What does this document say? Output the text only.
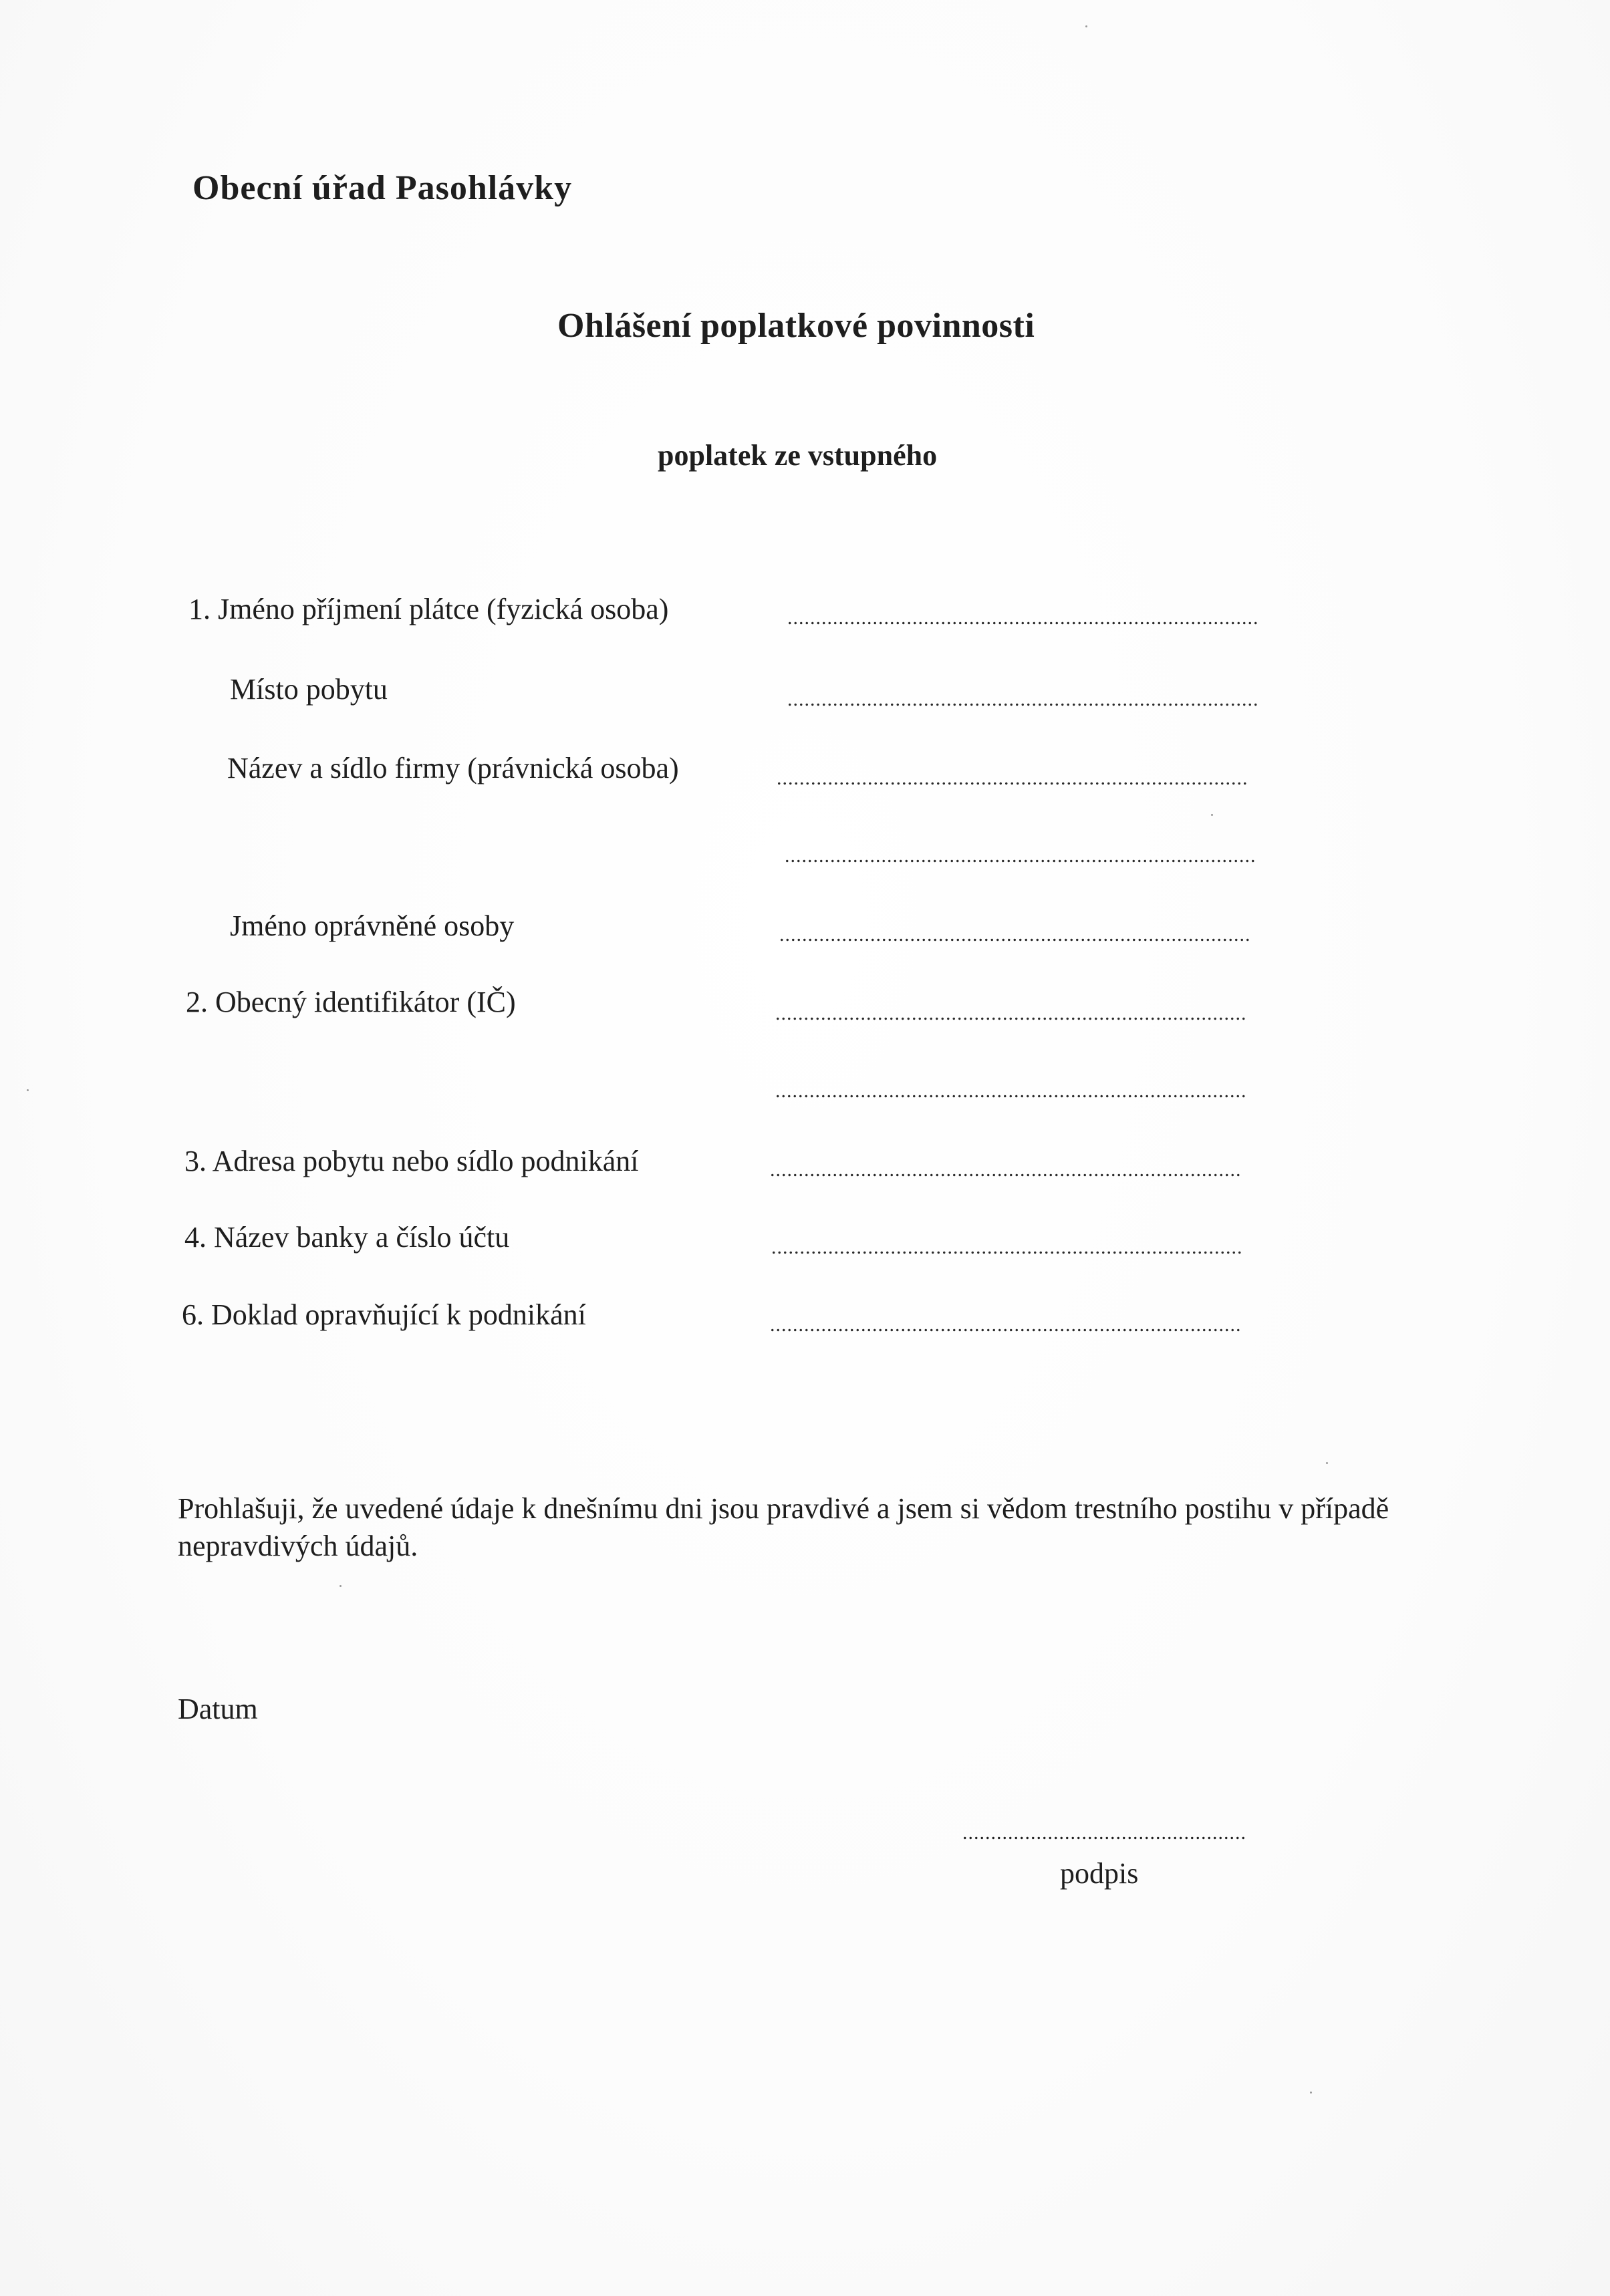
Obecní úřad Pasohlávky
Ohlášení poplatkové povinnosti
poplatek ze vstupného
1. Jméno příjmení plátce (fyzická osoba)	...................................................................................
Místo pobytu	...................................................................................
Název a sídlo firmy (právnická osoba)	...................................................................................
...................................................................................
Jméno oprávněné osoby	...................................................................................
2. Obecný identifikátor (IČ)	...................................................................................
...................................................................................
3. Adresa pobytu nebo sídlo podnikání	...................................................................................
4. Název banky a číslo účtu	...................................................................................
6. Doklad opravňující k podnikání	...................................................................................
Prohlašuji, že uvedené údaje k dnešnímu dni jsou pravdivé a jsem si vědom trestního postihu v případě nepravdivých údajů.
Datum
..................................................
podpis
